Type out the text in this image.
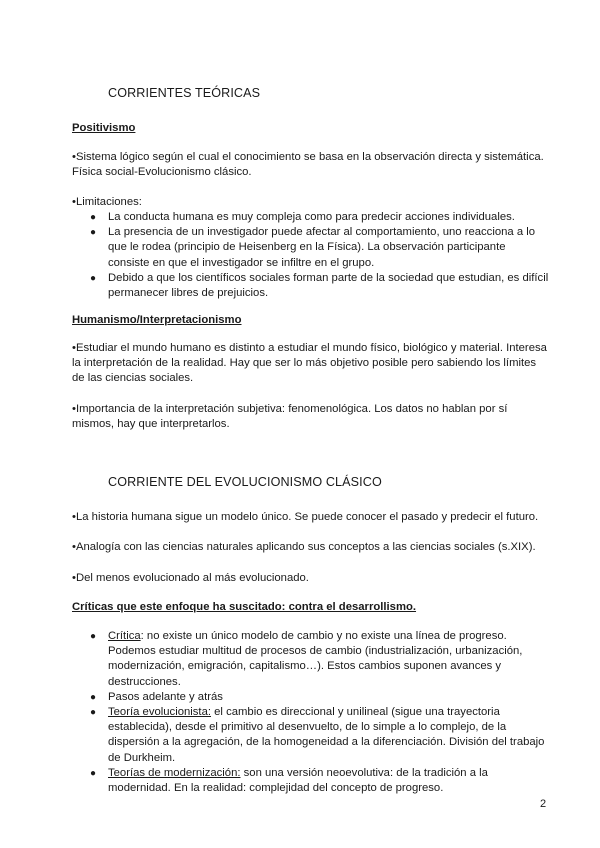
CORRIENTES TEÓRICAS

Positivismo

•Sistema lógico según el cual el conocimiento se basa en la observación directa y sistemática. Física social-Evolucionismo clásico.

•Limitaciones:

● La conducta humana es muy compleja como para predecir acciones individuales.
● La presencia de un investigador puede afectar al comportamiento, uno reacciona a lo que le rodea (principio de Heisenberg en la Física). La observación participante consiste en que el investigador se infiltre en el grupo.
● Debido a que los científicos sociales forman parte de la sociedad que estudian, es difícil permanecer libres de prejuicios.

Humanismo/Interpretacionismo

•Estudiar el mundo humano es distinto a estudiar el mundo físico, biológico y material. Interesa la interpretación de la realidad. Hay que ser lo más objetivo posible pero sabiendo los límites de las ciencias sociales.

•Importancia de la interpretación subjetiva: fenomenológica. Los datos no hablan por sí mismos, hay que interpretarlos.

CORRIENTE DEL EVOLUCIONISMO CLÁSICO

•La historia humana sigue un modelo único. Se puede conocer el pasado y predecir el futuro.

•Analogía con las ciencias naturales aplicando sus conceptos a las ciencias sociales (s.XIX).

•Del menos evolucionado al más evolucionado.

Críticas que este enfoque ha suscitado: contra el desarrollismo.

● Crítica: no existe un único modelo de cambio y no existe una línea de progreso. Podemos estudiar multitud de procesos de cambio (industrialización, urbanización, modernización, emigración, capitalismo…). Estos cambios suponen avances y destrucciones.
● Pasos adelante y atrás
● Teoría evolucionista: el cambio es direccional y unilineal (sigue una trayectoria establecida), desde el primitivo al desenvuelto, de lo simple a lo complejo, de la dispersión a la agregación, de la homogeneidad a la diferenciación. División del trabajo de Durkheim.
● Teorías de modernización: son una versión neoevolutiva: de la tradición a la modernidad. En la realidad: complejidad del concepto de progreso.
2
